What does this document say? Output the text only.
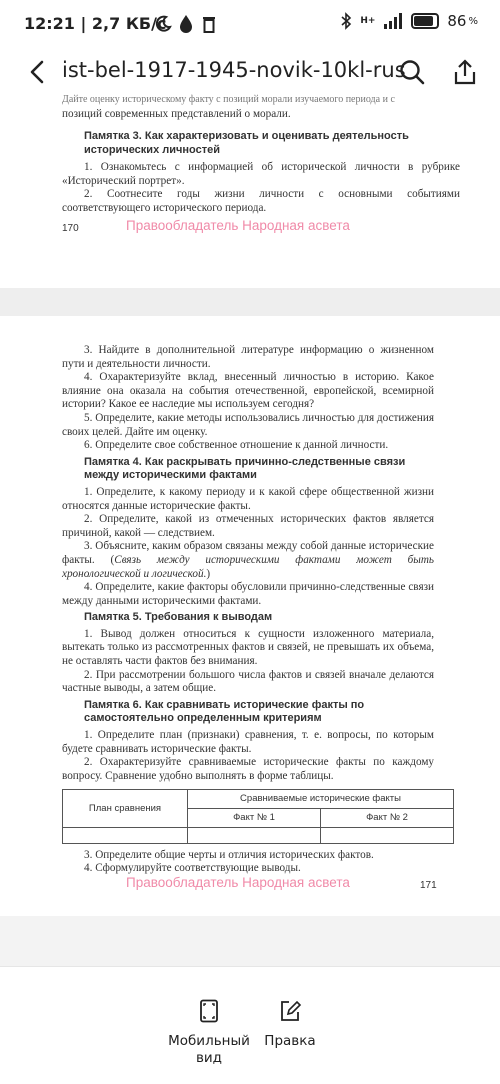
12:21 | 2,7 КБ/с	H+	86 %
ist-bel-1917-1945-novik-10kl-rus
Дайте оценку историческому факту с позиций морали изучаемого периода и с

позиций современных представлений о морали.

Памятка 3. Как характеризовать и оценивать деятельность исторических личностей

1. Ознакомьтесь с информацией об исторической личности в рубрике «Исторический портрет».

2. Соотнесите годы жизни личности с основными событиями соответствующего исторического периода.

170	Правообладатель Народная асвета

3. Найдите в дополнительной литературе информацию о жизненном пути и деятельности личности.

4. Охарактеризуйте вклад, внесенный личностью в историю. Какое влияние она оказала на события отечественной, европейской, всемирной истории? Какое ее наследие мы используем сегодня?

5. Определите, какие методы использовались личностью для достижения своих целей. Дайте им оценку.

6. Определите свое собственное отношение к данной личности.

Памятка 4. Как раскрывать причинно-следственные связи между историческими фактами

1. Определите, к какому периоду и к какой сфере общественной жизни относятся данные исторические факты.

2. Определите, какой из отмеченных исторических фактов является причиной, какой — следствием.

3. Объясните, каким образом связаны между собой данные исторические факты. (Связь между историческими фактами может быть хронологической и логической.)

4. Определите, какие факторы обусловили причинно-следственные связи между данными историческими фактами.

Памятка 5. Требования к выводам

1. Вывод должен относиться к сущности изложенного материала, вытекать только из рассмотренных фактов и связей, не превышать их объема, не оставлять части фактов без внимания.

2. При рассмотрении большого числа фактов и связей вначале делаются частные выводы, а затем общие.

Памятка 6. Как сравнивать исторические факты по самостоятельно определенным критериям

1. Определите план (признаки) сравнения, т. е. вопросы, по которым будете сравнивать исторические факты.

2. Охарактеризуйте сравниваемые исторические факты по каждому вопросу. Сравнение удобно выполнять в форме таблицы.

План сравнения	Сравниваемые исторические факты	
	Факт № 1	Факт № 2

3. Определите общие черты и отличия исторических фактов.

4. Сформулируйте соответствующие выводы.

Правообладатель Народная асвета	171
Мобильный
вид
Правка
